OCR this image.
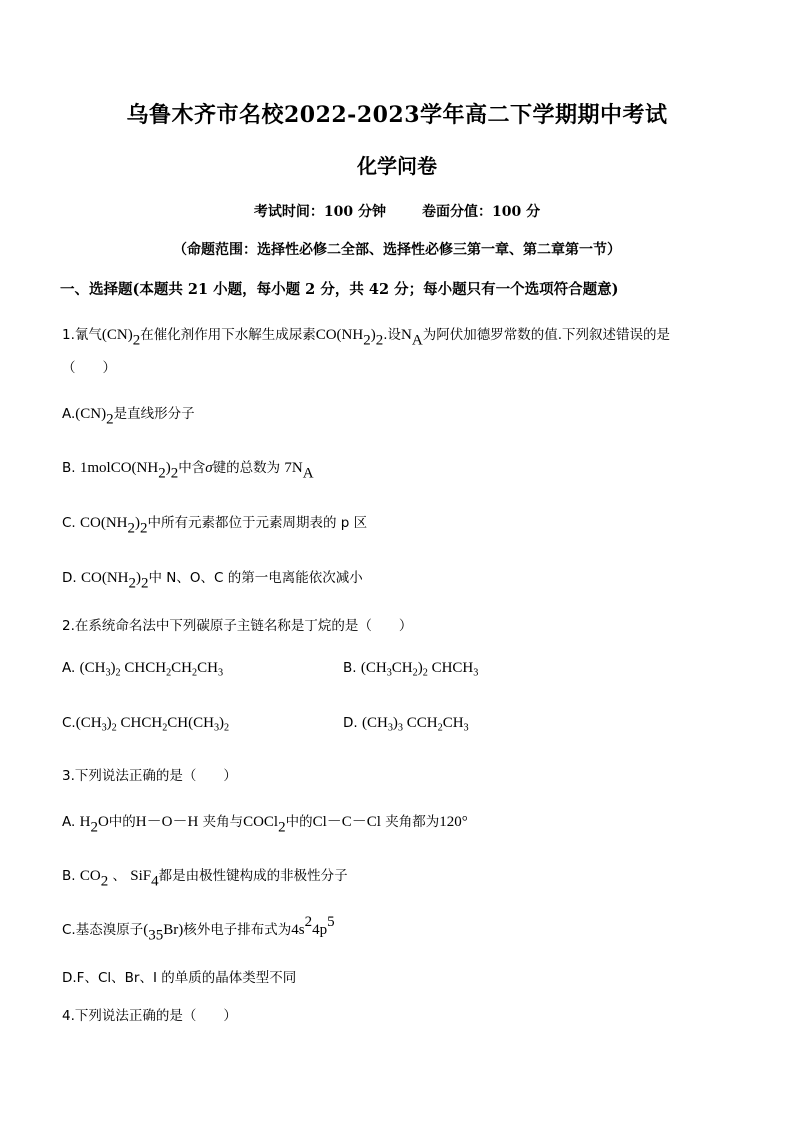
乌鲁木齐市名校2022-2023学年高二下学期期中考试
化学问卷
考试时间：100 分钟	卷面分值：100 分
（命题范围：选择性必修二全部、选择性必修三第一章、第二章第一节）
一、选择题(本题共 21 小题，每小题 2 分，共 42 分；每小题只有一个选项符合题意)
1.氰气$(CN)_2$在催化剂作用下水解生成尿素$CO(NH_2)_2$.设$N_A$为阿伏加德罗常数的值.下列叙述错误的是
（　　）
$A.(CN)_2$是直线形分子
B. $1molCO(NH_2)_2$中含σ键的总数为 $7N_A$
C. $CO(NH_2)_2$中所有元素都位于元素周期表的 p 区
D. $CO(NH_2)_2$中 N、O、C 的第一电离能依次减小
2.在系统命名法中下列碳原子主链名称是丁烷的是（　　）
A. $(CH_3)_2$ $CHCH_2CH_2CH_3$	B. $(CH_3CH_2)_2$ $CHCH_3$
$C.(CH_3)_2$ $CHCH_2CH(CH_3)_2$	D. $(CH_3)_3$ $CCH_2CH_3$
3.下列说法正确的是（　　）
A. $H_2O$中的H－O－H 夹角与COCl$_2$中的Cl－C－Cl 夹角都为120°
B. $CO_2$ 、 SiF$_4$都是由极性键构成的非极性分子
C.基态溴原子$(_{35}Br)$核外电子排布式为$4s^24p^5$
D.F、Cl、Br、I 的单质的晶体类型不同
4.下列说法正确的是（　　）
